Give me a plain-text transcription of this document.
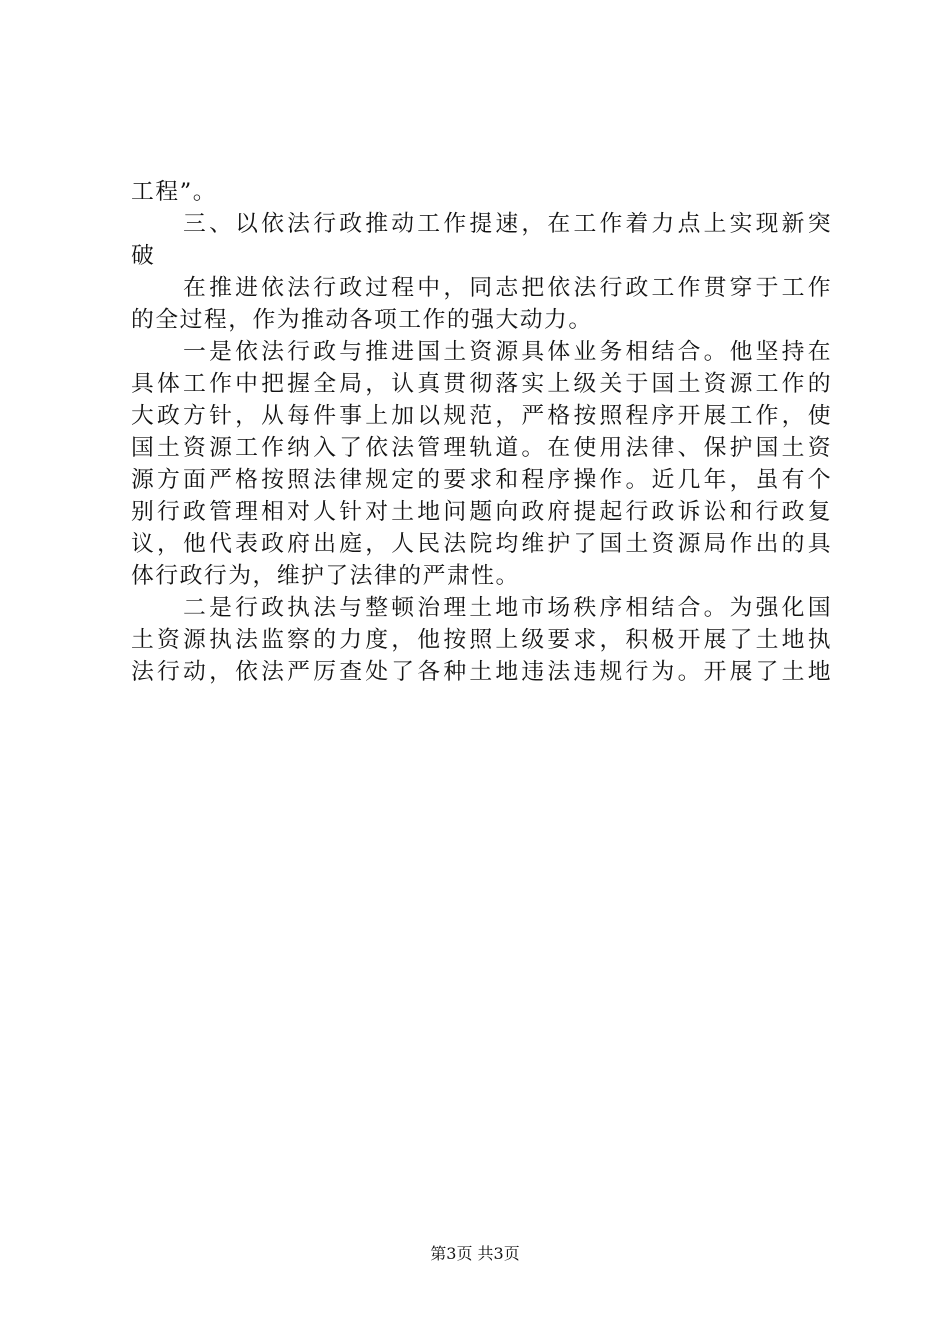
工程”。
　　三、以依法行政推动工作提速，在工作着力点上实现新突
破
　　在推进依法行政过程中，同志把依法行政工作贯穿于工作
的全过程，作为推动各项工作的强大动力。
　　一是依法行政与推进国土资源具体业务相结合。他坚持在
具体工作中把握全局，认真贯彻落实上级关于国土资源工作的
大政方针，从每件事上加以规范，严格按照程序开展工作，使
国土资源工作纳入了依法管理轨道。在使用法律、保护国土资
源方面严格按照法律规定的要求和程序操作。近几年，虽有个
别行政管理相对人针对土地问题向政府提起行政诉讼和行政复
议，他代表政府出庭，人民法院均维护了国土资源局作出的具
体行政行为，维护了法律的严肃性。
　　二是行政执法与整顿治理土地市场秩序相结合。为强化国
土资源执法监察的力度，他按照上级要求，积极开展了土地执
法行动，依法严厉查处了各种土地违法违规行为。开展了土地
第3页 共3页
